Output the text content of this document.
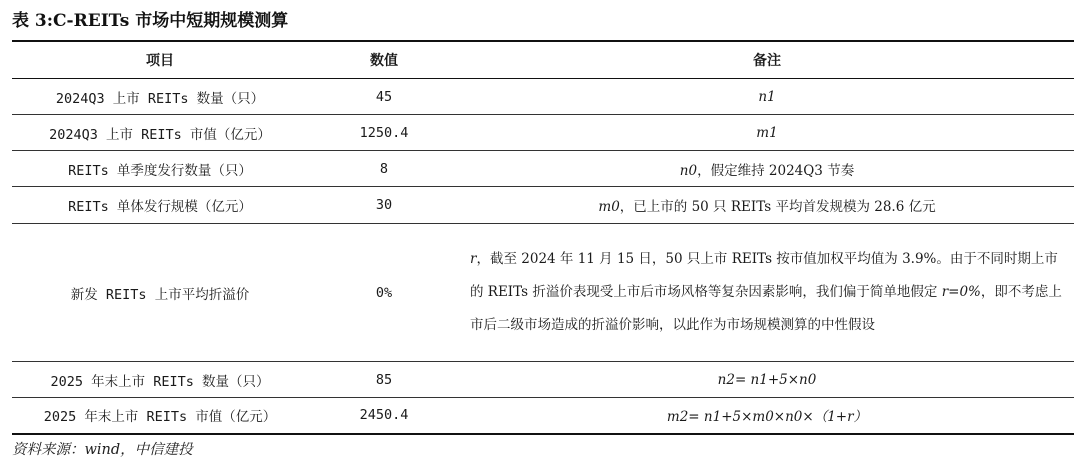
表 3:C-REITs 市场中短期规模测算
项目	数值	备注
2024Q3 上市 REITs 数量（只）	45	n1
2024Q3 上市 REITs 市值（亿元）	1250.4	m1
REITs 单季度发行数量（只）	8	n0，假定维持 2024Q3 节奏
REITs 单体发行规模（亿元）	30	m0，已上市的 50 只 REITs 平均首发规模为 28.6 亿元
新发 REITs 上市平均折溢价	0%	r，截至 2024 年 11 月 15 日，50 只上市 REITs 按市值加权平均值为 3.9%。由于不同时期上市的 REITs 折溢价表现受上市后市场风格等复杂因素影响，我们偏于简单地假定 r=0%，即不考虑上市后二级市场造成的折溢价影响，以此作为市场规模测算的中性假设
2025 年末上市 REITs 数量（只）	85	n2= n1+5×n0
2025 年末上市 REITs 市值（亿元）	2450.4	m2= n1+5×m0×n0×（1+r）
资料来源：wind，中信建投
